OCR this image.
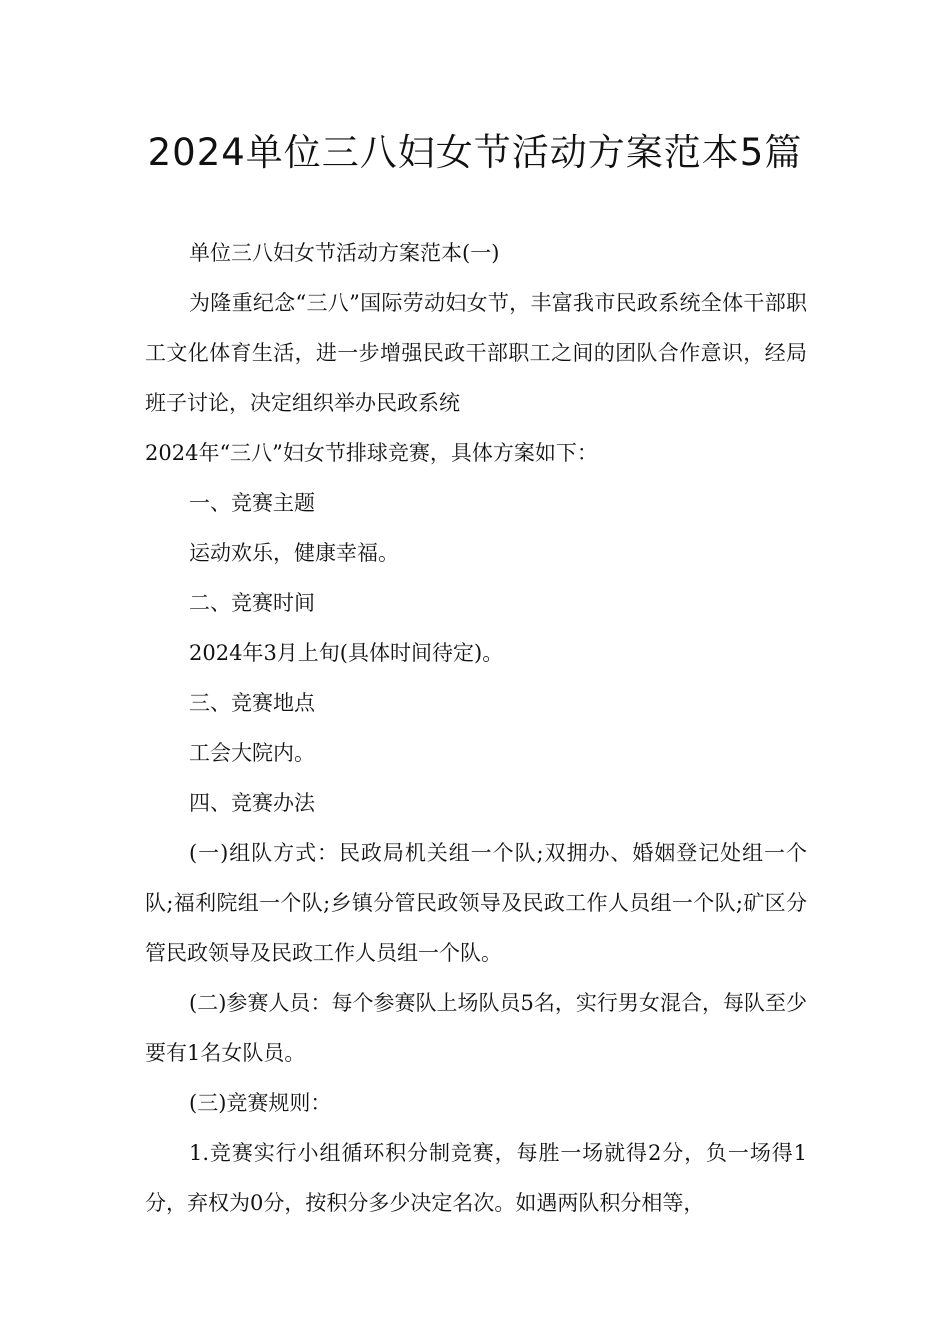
2024单位三八妇女节活动方案范本5篇

单位三八妇女节活动方案范本(一)

为隆重纪念“三八”国际劳动妇女节，丰富我市民政系统全体干部职工文化体育生活，进一步增强民政干部职工之间的团队合作意识，经局班子讨论，决定组织举办民政系统

2024年“三八”妇女节排球竞赛，具体方案如下：

一、竞赛主题

运动欢乐，健康幸福。

二、竞赛时间

2024年3月上旬(具体时间待定)。

三、竞赛地点

工会大院内。

四、竞赛办法

(一)组队方式：民政局机关组一个队;双拥办、婚姻登记处组一个队;福利院组一个队;乡镇分管民政领导及民政工作人员组一个队;矿区分管民政领导及民政工作人员组一个队。

(二)参赛人员：每个参赛队上场队员5名，实行男女混合，每队至少要有1名女队员。

(三)竞赛规则：

1.竞赛实行小组循环积分制竞赛，每胜一场就得2分，负一场得1分，弃权为0分，按积分多少决定名次。如遇两队积分相等，
